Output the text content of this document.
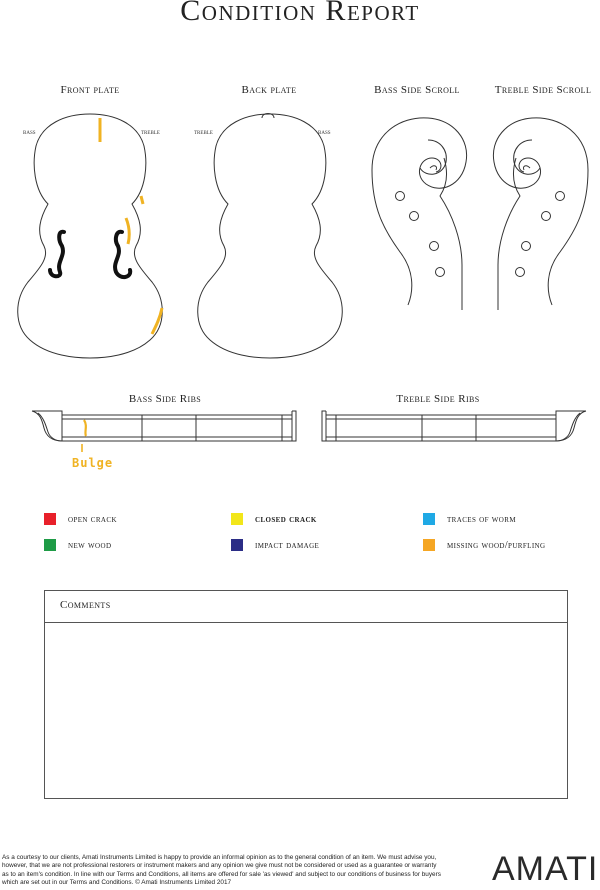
Condition Report
Front plate	Back plate	Bass Side Scroll	Treble Side Scroll
bass	treble	treble	bass
Bass Side Ribs	Treble Side Ribs
Bulge
open crack	closed crack	traces of worm
new wood	impact damage	missing wood/purfling
Comments
As a courtesy to our clients, Amati Instruments Limited is happy to provide an informal opinion as to the general condition of an item. We must advise you, however, that we are not professional restorers or instrument makers and any opinion we give must not be considered or used as a guarantee or warranty as to an item's condition. In line with our Terms and Conditions, all items are offered for sale 'as viewed' and subject to our conditions of business for buyers which are set out in our Terms and Conditions. © Amati Instruments Limited 2017	AMATI
